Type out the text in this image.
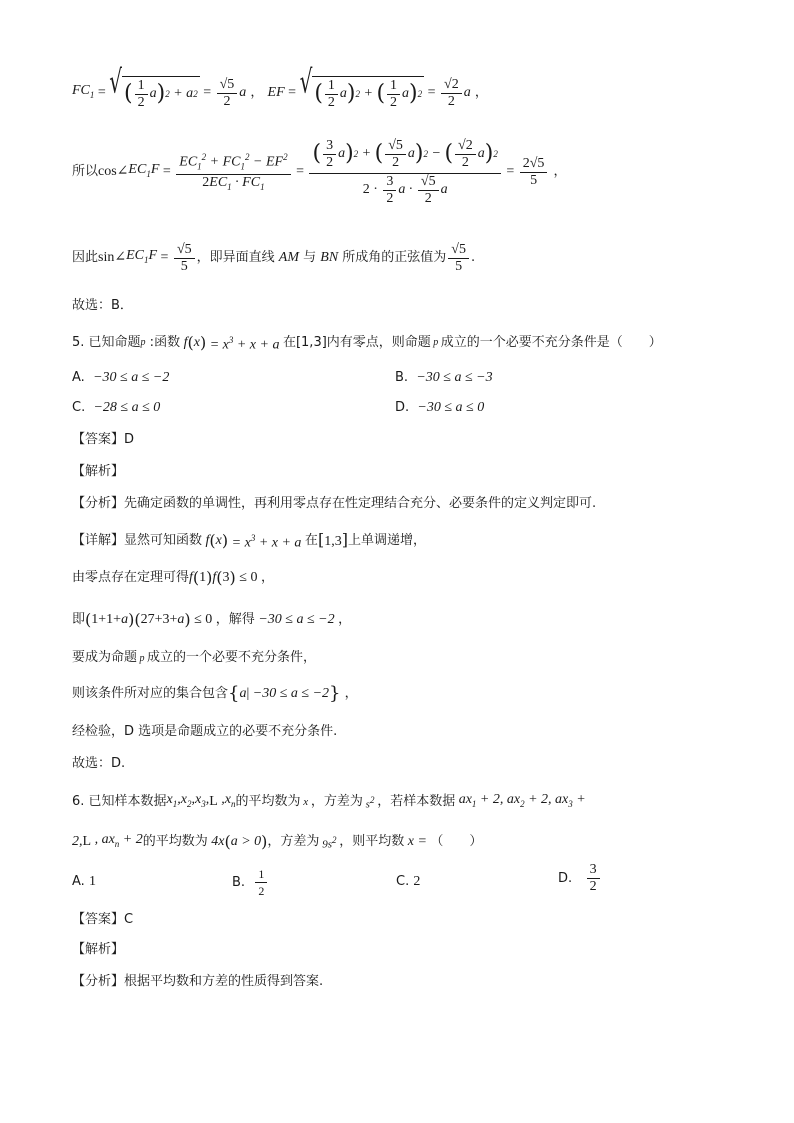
$FC_1$ = √ ( $\frac{1}{2}$ a ) 2 + a $2 = \frac{√5}{2}$ a ， EF = √ ( $\frac{1}{2}$ a ) 2 + ( $\frac{1}{2}$ a ) $2 = \frac{√2}{2}$ a ，
所以 cos∠ $EC_1F = \frac{EC_1^2 + FC_1^2 - EF^2}{2EC_1 \cdot FC_1} = \frac{( \frac{3}{2} a ) 2 + ( \frac{√5}{2} a ) 2 - ( \frac{√2}{2} a ) 2}{2 \cdot \frac{3}{2} a \cdot \frac{√5}{2} a} = \frac{2√5}{5}$ ，
因此 sin∠ $EC_1F = \frac{√5}{5}$ ，即异面直线 AM 与 BN 所成角的正弦值为 $\frac{√5}{5}$ .
故选：B．
5. 已知命题 p : 函数 f ( x ) = $x^3 + x + a$ 在[1,3]内有零点，则命题 p 成立的一个必要不充分条件是（　　）
A. −30 ≤ a ≤ −2	B. −30 ≤ a ≤ −3
C. −28 ≤ a ≤ 0	D. −30 ≤ a ≤ 0
【答案】D
【解析】
【分析】先确定函数的单调性，再利用零点存在性定理结合充分、必要条件的定义判定即可.
【详解】 显然可知函数 f ( x ) = $x^3 + x + a$ 在 [1,3] 上单调递增，
由零点存在定理可得 f ( 1 ) f ( 3 ) ≤ 0 ，
即 ( 1+1+ a ) ( 27+3+ a ) ≤ 0 ，解得 −30 ≤ a ≤ −2 ，
要成为命题 p 成立的一个必要不充分条件，
则该条件所对应的集合包含 { a | −30 ≤ a ≤ −2 } ，
经检验，D 选项是命题成立的必要不充分条件.
故选：D.
6. 已知样本数据 $x_1,x_2,x_3$, L $,x_n$ 的平均数为 x ，方差为 $s^2$ ，若样本数据 $ax_1 + 2$, $ax_2 + 2$, $ax_3$ +
2, L , $ax_n + 2$ 的平均数为 4x ( a > 0 ) ，方差为 $9s^2$ ，则平均数 x = （　　）
A. 1	B.
$\frac{1}{2}$	C. 2	D.
$\frac{3}{2}$
【答案】C
【解析】
【分析】根据平均数和方差的性质得到答案.
